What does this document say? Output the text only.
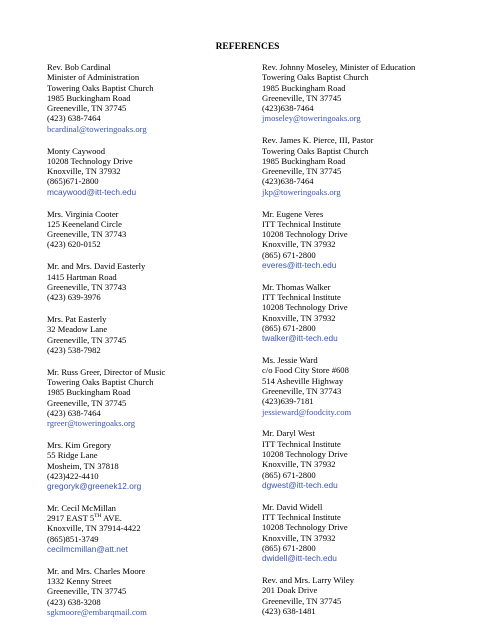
REFERENCES
Rev. Bob Cardinal
Minister of Administration
Towering Oaks Baptist Church
1985 Buckingham Road
Greeneville, TN 37745
(423) 638-7464
bcardinal@toweringoaks.org
Monty Caywood
10208 Technology Drive
Knoxville, TN 37932
(865)671-2800
mcaywood@itt-tech.edu
Mrs. Virginia Cooter
125 Keeneland Circle
Greeneville, TN 37743
(423) 620-0152
Mr. and Mrs. David Easterly
1415 Hartman Road
Greeneville, TN 37743
(423) 639-3976
Mrs. Pat Easterly
32 Meadow Lane
Greeneville, TN 37745
(423) 538-7982
Mr. Russ Greer, Director of Music
Towering Oaks Baptist Church
1985 Buckingham Road
Greeneville, TN 37745
(423) 638-7464
rgreer@toweringoaks.org
Mrs. Kim Gregory
55 Ridge Lane
Mosheim, TN 37818
(423)422-4410
gregoryk@greenek12.org
Mr. Cecil McMillan
2917 EAST 5TH AVE.
Knoxville, TN 37914-4422
(865)851-3749
cecilmcmillan@att.net
Mr. and Mrs. Charles Moore
1332 Kenny Street
Greeneville, TN 37745
(423) 638-3208
sgkmoore@embarqmail.com
Rev. Johnny Moseley, Minister of Education
Towering Oaks Baptist Church
1985 Buckingham Road
Greeneville, TN 37745
(423)638-7464
jmoseley@toweringoaks.org
Rev. James K. Pierce, III, Pastor
Towering Oaks Baptist Church
1985 Buckingham Road
Greeneville, TN 37745
(423)638-7464
jkp@toweringoaks.org
Mr. Eugene Veres
ITT Technical Institute
10208 Technology Drive
Knoxville, TN 37932
(865) 671-2800
everes@itt-tech.edu
Mr. Thomas Walker
ITT Technical Institute
10208 Technology Drive
Knoxville, TN 37932
(865) 671-2800
twalker@itt-tech.edu
Ms. Jessie Ward
c/o Food City Store #608
514 Asheville Highway
Greeneville, TN 37743
(423)639-7181
jessieward@foodcity.com
Mr. Daryl West
ITT Technical Institute
10208 Technology Drive
Knoxville, TN 37932
(865) 671-2800
dgwest@itt-tech.edu
Mr. David Widell
ITT Technical Institute
10208 Technology Drive
Knoxville, TN 37932
(865) 671-2800
dwidell@itt-tech.edu
Rev. and Mrs. Larry Wiley
201 Doak Drive
Greeneville, TN 37745
(423) 638-1481
